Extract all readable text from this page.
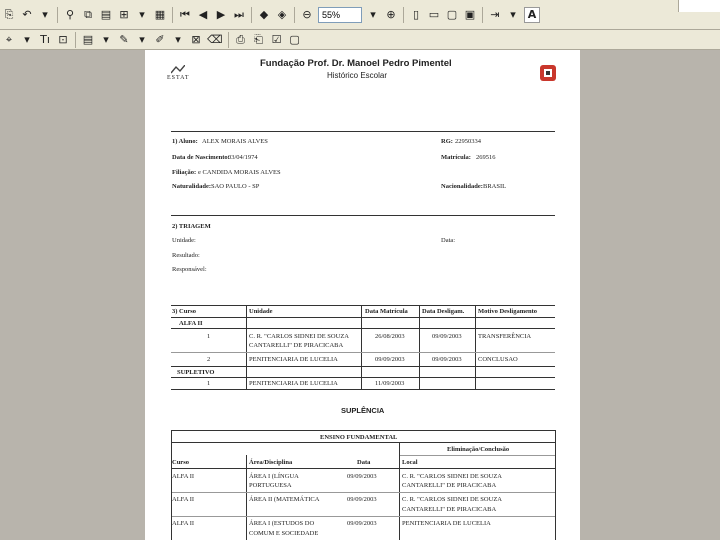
⎘ ↶ ▾	⚲ ⧉ ▤ ⊞ ▾ ▦ ⏮ ◀ ▶ ⏭ ◆ ◈ ⊖
55%	▾ ⊕	▯ ▭ ▢ ▣ ⇥ ▾	A
⌖	▾ Tı ⊡ ▤ ▾ ✎ ▾ ✐ ▾ ⊠ ⌫ ⎙ ⎗ ☑ ▢
ESTAT
Fundação Prof. Dr. Manoel Pedro Pimentel
Histórico Escolar
1) Aluno: ALEX MORAIS ALVES	RG: 22950334
Data de Nascimento:
03/04/1974	Matrícula: 269516
Filiação: e CANDIDA MORAIS ALVES
Naturalidade: SAO PAULO - SP	Nacionalidade: BRASIL
2) TRIAGEM
Unidade:	Data:
Resultado:
Responsável:
3) Curso	Unidade	Data Matrícula Data Desligam. Motivo Desligamento
ALFA II
1	C. R. "CARLOS SIDNEI DE SOUZA
CANTARELLI" DE PIRACICABA
26/08/2003	09/09/2003	TRANSFERÊNCIA
2	PENITENCIARIA DE LUCELIA	09/09/2003	09/09/2003	CONCLUSAO
SUPLETIVO
1	PENITENCIARIA DE LUCELIA	11/09/2003
SUPLÊNCIA
ENSINO FUNDAMENTAL
Eliminação/Conclusão
Curso	Área/Disciplina	Data	Local
ALFA II	ÁREA I (LÍNGUA
PORTUGUESA
09/09/2003	C. R. "CARLOS SIDNEI DE SOUZA
CANTARELLI" DE PIRACICABA
ALFA II	ÁREA II (MATEMÁTICA	09/09/2003	C. R. "CARLOS SIDNEI DE SOUZA
CANTARELLI" DE PIRACICABA
ALFA II	ÁREA I (ESTUDOS DO
COMUM E SOCIEDADE
09/09/2003	PENITENCIARIA DE LUCELIA
